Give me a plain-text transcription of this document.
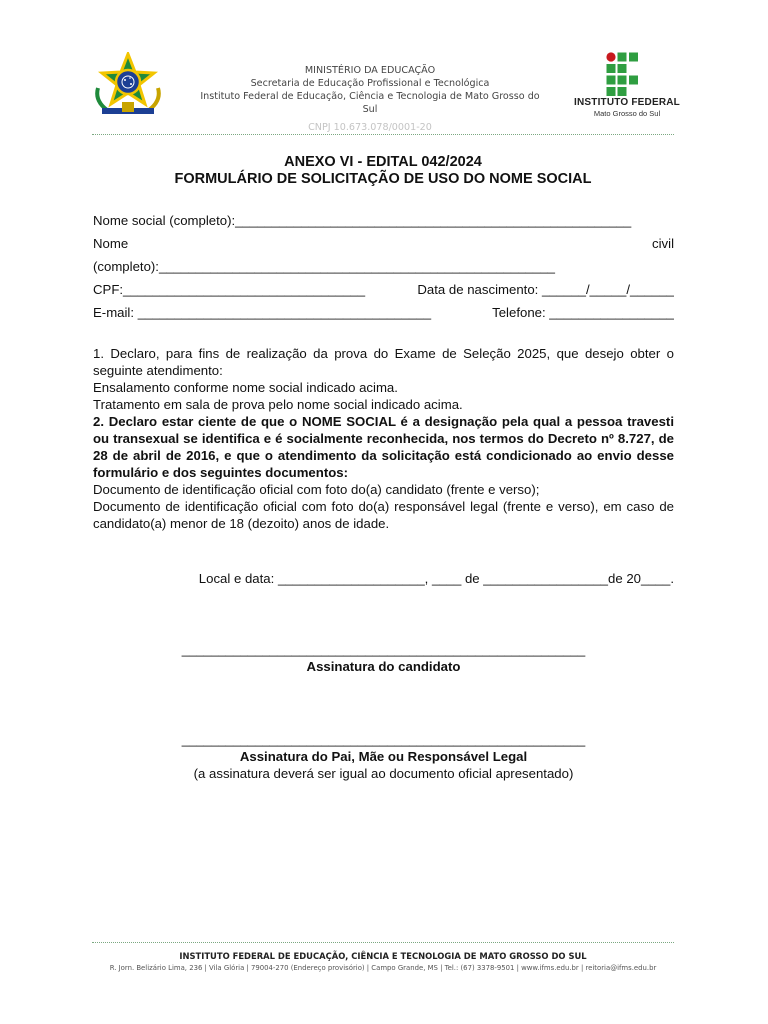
MINISTÉRIO DA EDUCAÇÃO
Secretaria de Educação Profissional e Tecnológica
Instituto Federal de Educação, Ciência e Tecnologia de Mato Grosso do Sul
CNPJ 10.673.078/0001-20
INSTITUTO FEDERAL
Mato Grosso do Sul
ANEXO VI - EDITAL 042/2024
FORMULÁRIO DE SOLICITAÇÃO DE USO DO NOME SOCIAL
Nome social (completo):______________________________________________________
Nome	civil
(completo):______________________________________________________
CPF:_________________________________	Data de nascimento: ______/_____/______
E-mail: ________________________________________	Telefone: _________________

1. Declaro, para fins de realização da prova do Exame de Seleção 2025, que desejo obter o seguinte atendimento:

Ensalamento conforme nome social indicado acima.

Tratamento em sala de prova pelo nome social indicado acima.

2. Declaro estar ciente de que o NOME SOCIAL é a designação pela qual a pessoa travesti ou transexual se identifica e é socialmente reconhecida, nos termos do Decreto nº 8.727, de 28 de abril de 2016, e que o atendimento da solicitação está condicionado ao envio desse formulário e dos seguintes documentos:

Documento de identificação oficial com foto do(a) candidato (frente e verso);

Documento de identificação oficial com foto do(a) responsável legal (frente e verso), em caso de candidato(a) menor de 18 (dezoito) anos de idade.

Local e data: ____________________, ____ de _________________de 20____.
_______________________________________________________
Assinatura do candidato
_______________________________________________________
Assinatura do Pai, Mãe ou Responsável Legal
(a assinatura deverá ser igual ao documento oficial apresentado)
INSTITUTO FEDERAL DE EDUCAÇÃO, CIÊNCIA E TECNOLOGIA DE MATO GROSSO DO SUL
R. Jorn. Belizário Lima, 236 | Vila Glória | 79004-270 (Endereço provisório) | Campo Grande, MS | Tel.: (67) 3378-9501 | www.ifms.edu.br | reitoria@ifms.edu.br
